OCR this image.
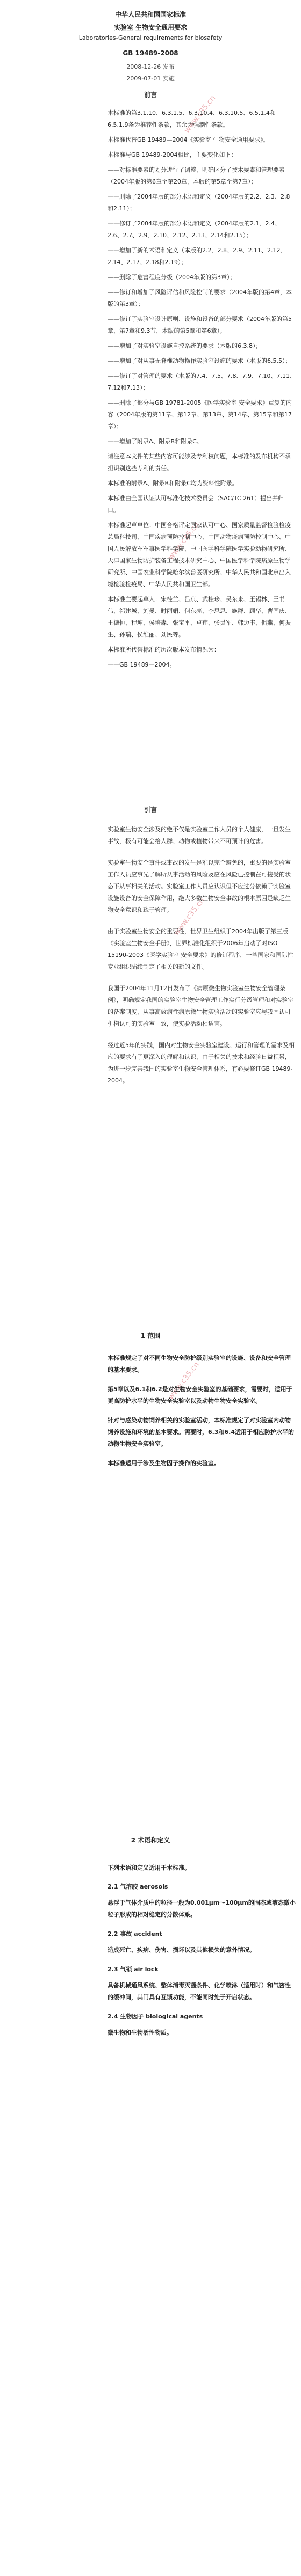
www.c35.cn
www.c35.cn
www.c35.cn
www.c35.cn
中华人民共和国国家标准
实验室 生物安全通用要求
Laboratories-General requirements for biosafety
GB 19489-2008
2008-12-26 发布
2009-07-01 实施
前言
本标准的第3.1.10、6.3.1.5、6.3.10.4、6.3.10.5、6.5.1.4和6.5.1.9条为推荐性条款，其余为强制性条款。
本标准代替GB 19489—2004《实验室 生物安全通用要求》。
本标准与GB 19489-2004相比，主要变化如下：
——对标准要素的划分进行了调整，明确区分了技术要素和管理要素（2004年版的第6章至第20章，本版的第5章至第7章）；
——删除了2004年版的部分术语和定义（2004年版的2.2、2.3、2.8和2.11）；
——修订了2004年版的部分术语和定义（2004年版的2.1、2.4、2.6、2.7、2.9、2.10、2.12、2.13、2.14和2.15）；
——增加了新的术语和定义（本版的2.2、2.8、2.9、2.11、2.12、2.14、2.17、2.18和2.19）；
——删除了危害程度分级（2004年版的第3章）；
——修订和增加了风险评估和风险控制的要求（2004年版的第4章，本版的第3章）；
——修订了实验室设计原则、设施和设备的部分要求（2004年版的第5章、第7章和9.3节，本版的第5章和第6章）；
——增加了对实验室设施自控系统的要求（本版的6.3.8）；
——增加了对从事无脊椎动物操作实验室设施的要求（本版的6.5.5）；
——修订了对管理的要求（本版的7.4、7.5、7.8、7.9、7.10、7.11、7.12和7.13）；
——删除了部分与GB 19781-2005《医学实验室 安全要求》重复的内容（2004年版的第11章、第12章、第13章、第14章、第15章和第17章）；
——增加了附录A、附录B和附录C。
请注意本文件的某些内容可能涉及专利权问题，本标准的发布机构不承担识别这些专利的责任。
本标准的附录A、附录B和附录C均为资料性附录。
本标准由全国认证认可标准化技术委员会（SAC/TC 261）提出并归口。
本标准起草单位：中国合格评定国家认可中心、国家质量监督检验检疫总局科技司、中国疾病预防控制中心、中国动物疫病预防控制中心、中国人民解放军军事医学科学院、中国医学科学院医学实验动物研究所、天津国家生物防护装备工程技术研究中心、中国医学科学院病原生物学研究所、中国农业科学院哈尔滨兽医研究所、中华人民共和国北京出入境检验检疫局、中华人民共和国卫生部。
本标准主要起草人：宋桂兰、吕京、武桂珍、吴东来、王锡林、王书伟、祁建城、刘曼、时丽娟、何东亮、李思思、施群、顾华、曹国庆、王德恒、程坤、侯培森、张宝平、卓莲、张灵军、韩迈丰、俱燕、何振生、孙瑞、侯维丽、刘民等。
本标准所代替标准的历次版本发布情况为：
——GB 19489—2004。
引言
实验室生物安全涉及的绝不仅是实验室工作人员的个人健康，一旦发生事故，极有可能会给人群、动物或植物带来不可预计的危害。
实验室生物安全事件或事故的发生是难以完全避免的，重要的是实验室工作人员应事先了解所从事活动的风险及应在风险已控制在可接受的状态下从事相关的活动。实验室工作人员应认识但不应过分依赖于实验室设施设备的安全保障作用，绝大多数生物安全事故的根本原因是缺乏生物安全意识和疏于管理。
由于实验室生物安全的重要性，世界卫生组织于2004年出版了第三版《实验室生物安全手册》，世界标准化组织于2006年启动了对ISO 15190-2003《医学实验室 安全要求》的修订程序，一些国家和国际性专业组织陆续制定了相关的新的文件。
我国于2004年11月12日发布了《病原微生物实验室生物安全管理条例》，明确规定我国的实验室生物安全管理工作实行分级管理和对实验室的备案制度，从事高致病性病原微生物实验活动的实验室应与我国认可机构认可的实验室一致，使实验活动相适宜。
经过近5年的实践，国内对生物安全实验室建设、运行和管理的需求及相应的要求有了更深入的理解和认识，由于相关的技术和经验日益积累，为进一步完善我国的实验室生物安全管理体系，有必要修订GB 19489-2004。
1 范围
本标准规定了对不同生物安全防护级别实验室的设施、设备和安全管理的基本要求。
第5章以及6.1和6.2是对生物安全实验室的基础要求，需要时，适用于更高防护水平的生物安全实验室以及动物生物安全实验室。
针对与感染动物饲养相关的实验室活动，本标准规定了对实验室内动物饲养设施和环境的基本要求。需要时，6.3和6.4适用于相应防护水平的动物生物安全实验室。
本标准适用于涉及生物因子操作的实验室。
2 术语和定义
下列术语和定义适用于本标准。
2.1 气溶胶 aerosols
悬浮于气体介质中的粒径一般为0.001μm～100μm的固态或液态微小粒子形成的相对稳定的分散体系。
2.2 事故 accident
造成死亡、疾病、伤害、损坏以及其他损失的意外情况。
2.3 气锁 air lock
具备机械通风系统、整体消毒灭菌条件、化学喷淋（适用时）和气密性的缓冲间，其门具有互锁功能，不能同时处于开启状态。
2.4 生物因子 biological agents
微生物和生物活性物质。
